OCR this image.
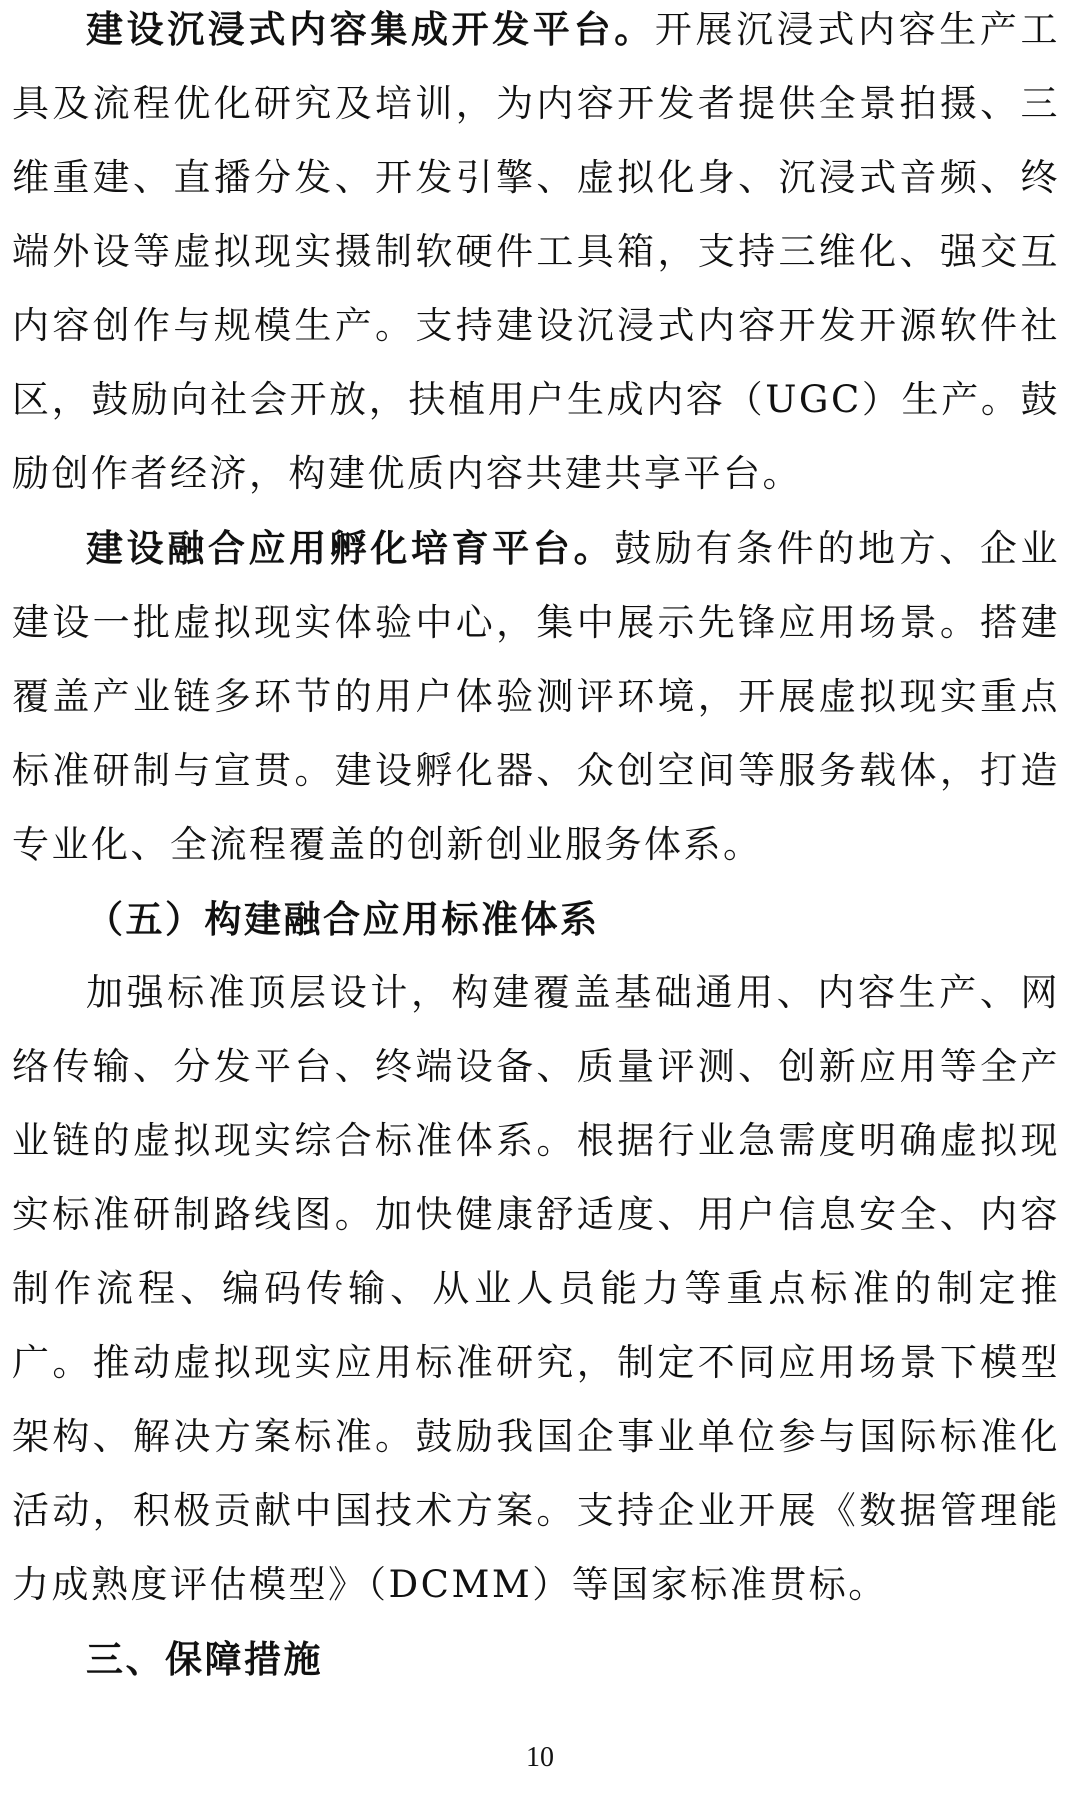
建设沉浸式内容集成开发平台。开展沉浸式内容生产工具及流程优化研究及培训，为内容开发者提供全景拍摄、三维重建、直播分发、开发引擎、虚拟化身、沉浸式音频、终端外设等虚拟现实摄制软硬件工具箱，支持三维化、强交互内容创作与规模生产。支持建设沉浸式内容开发开源软件社区，鼓励向社会开放，扶植用户生成内容（UGC）生产。鼓励创作者经济，构建优质内容共建共享平台。

建设融合应用孵化培育平台。鼓励有条件的地方、企业建设一批虚拟现实体验中心，集中展示先锋应用场景。搭建覆盖产业链多环节的用户体验测评环境，开展虚拟现实重点标准研制与宣贯。建设孵化器、众创空间等服务载体，打造专业化、全流程覆盖的创新创业服务体系。

（五）构建融合应用标准体系

加强标准顶层设计，构建覆盖基础通用、内容生产、网络传输、分发平台、终端设备、质量评测、创新应用等全产业链的虚拟现实综合标准体系。根据行业急需度明确虚拟现实标准研制路线图。加快健康舒适度、用户信息安全、内容制作流程、编码传输、从业人员能力等重点标准的制定推广。推动虚拟现实应用标准研究，制定不同应用场景下模型架构、解决方案标准。鼓励我国企事业单位参与国际标准化活动，积极贡献中国技术方案。支持企业开展《数据管理能力成熟度评估模型》（DCMM）等国家标准贯标。

三、保障措施

10
